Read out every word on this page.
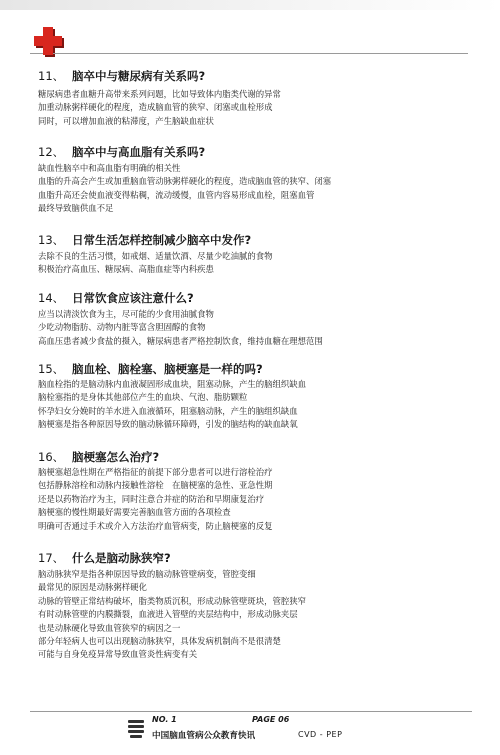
11、 脑卒中与糖尿病有关系吗?
糖尿病患者血糖升高带来系列问题，比如导致体内脂类代谢的异常
加重动脉粥样硬化的程度，造成脑血管的狭窄、闭塞或血栓形成
同时，可以增加血液的粘滞度，产生脑缺血症状
12、 脑卒中与高血脂有关系吗?
缺血性脑卒中和高血脂有明确的相关性
血脂的升高会产生或加重脑血管动脉粥样硬化的程度，造成脑血管的狭窄、闭塞
血脂升高还会使血液变得粘稠，流动缓慢，血管内容易形成血栓，阻塞血管
最终导致脑供血不足
13、 日常生活怎样控制减少脑卒中发作?
去除不良的生活习惯，如戒烟、适量饮酒、尽量少吃油腻的食物
积极治疗高血压、糖尿病、高脂血症等内科疾患
14、 日常饮食应该注意什么?
应当以清淡饮食为主，尽可能的少食用油腻食物
少吃动物脂肪、动物内脏等富含胆固醇的食物
高血压患者减少食盐的摄入，糖尿病患者严格控制饮食，维持血糖在理想范围
15、 脑血栓、脑栓塞、脑梗塞是一样的吗?
脑血栓指的是脑动脉内血液凝固形成血块，阻塞动脉，产生的脑组织缺血
脑栓塞指的是身体其他部位产生的血块、气泡、脂肪颗粒
怀孕妇女分娩时的羊水进入血液循环，阻塞脑动脉，产生的脑组织缺血
脑梗塞是指各种原因导致的脑动脉循环障碍，引发的脑结构的缺血缺氧
16、 脑梗塞怎么治疗?
脑梗塞超急性期在严格指征的前提下部分患者可以进行溶栓治疗
包括静脉溶栓和动脉内接触性溶栓　在脑梗塞的急性、亚急性期
还是以药物治疗为主，同时注意合并症的防治和早期康复治疗
脑梗塞的慢性期最好需要完善脑血管方面的各项检查
明确可否通过手术或介入方法治疗血管病变，防止脑梗塞的反复
17、 什么是脑动脉狭窄?
脑动脉狭窄是指各种原因导致的脑动脉管壁病变，管腔变细
最常见的原因是动脉粥样硬化
动脉的管壁正常结构破坏，脂类物质沉积，形成动脉管壁斑块，管腔狭窄
有时动脉管壁的内膜撕裂，血液进入管壁的夹层结构中，形成动脉夹层
也是动脉硬化导致血管狭窄的病因之一
部分年轻病人也可以出现脑动脉狭窄，具体发病机制尚不是很清楚
可能与自身免疫异常导致血管炎性病变有关
NO. 1	PAGE 06
中国脑血管病公众教育快讯	CVD - PEP
